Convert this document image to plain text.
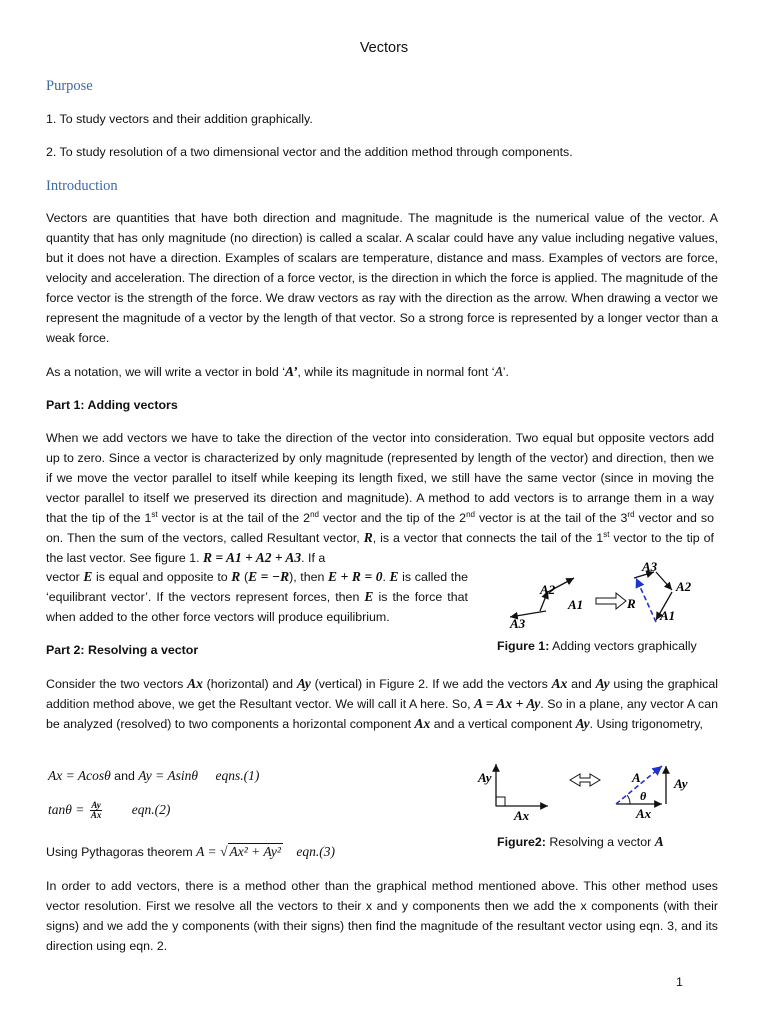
Vectors
Purpose
1. To study vectors and their addition graphically.
2. To study resolution of a two dimensional vector and the addition method through components.
Introduction
Vectors are quantities that have both direction and magnitude. The magnitude is the numerical value of the vector. A quantity that has only magnitude (no direction) is called a scalar. A scalar could have any value including negative values, but it does not have a direction. Examples of scalars are temperature, distance and mass. Examples of vectors are force, velocity and acceleration. The direction of a force vector, is the direction in which the force is applied. The magnitude of the force vector is the strength of the force. We draw vectors as ray with the direction as the arrow. When drawing a vector we represent the magnitude of a vector by the length of that vector. So a strong force is represented by a longer vector than a weak force.
As a notation, we will write a vector in bold ‘A’, while its magnitude in normal font ‘A’.
Part 1: Adding vectors
When we add vectors we have to take the direction of the vector into consideration. Two equal but opposite vectors add up to zero. Since a vector is characterized by only magnitude (represented by length of the vector) and direction, then we if we move the vector parallel to itself while keeping its length fixed, we still have the same vector (since in moving the vector parallel to itself we preserved its direction and magnitude). A method to add vectors is to arrange them in a way that the tip of the 1st vector is at the tail of the 2nd vector and the tip of the 2nd vector is at the tail of the 3rd vector and so on. Then the sum of the vectors, called Resultant vector, R, is a vector that connects the tail of the 1st vector to the tip of the last vector. See figure 1. R = A1 + A2 + A3. If a
vector E is equal and opposite to R (E = −R), then E + R = 0. E is called the ‘equilibrant vector’. If the vectors represent forces, then E is the force that when added to the other force vectors will produce equilibrium.
A2
A1
A3
A3
A2
A1
R
Figure 1: Adding vectors graphically
Part 2: Resolving a vector
Consider the two vectors Ax (horizontal) and Ay (vertical) in Figure 2. If we add the vectors Ax and Ay using the graphical addition method above, we get the Resultant vector. We will call it A here. So, A = Ax + Ay. So in a plane, any vector A can be analyzed (resolved) to two components a horizontal component Ax and a vertical component Ay. Using trigonometry,
Ax = Acosθ and Ay = Asinθ eqns.(1)
$\tan\theta = \frac{Ay}{Ax} eqn.(2)$
Using Pythagoras theorem A = √ Ax² + Ay² eqn.(3)
Ay
Ax
A
θ
Ay
Ax
Figure2: Resolving a vector A
In order to add vectors, there is a method other than the graphical method mentioned above. This other method uses vector resolution. First we resolve all the vectors to their x and y components then we add the x components (with their signs) and we add the y components (with their signs) then find the magnitude of the resultant vector using eqn. 3, and its direction using eqn. 2.
1
